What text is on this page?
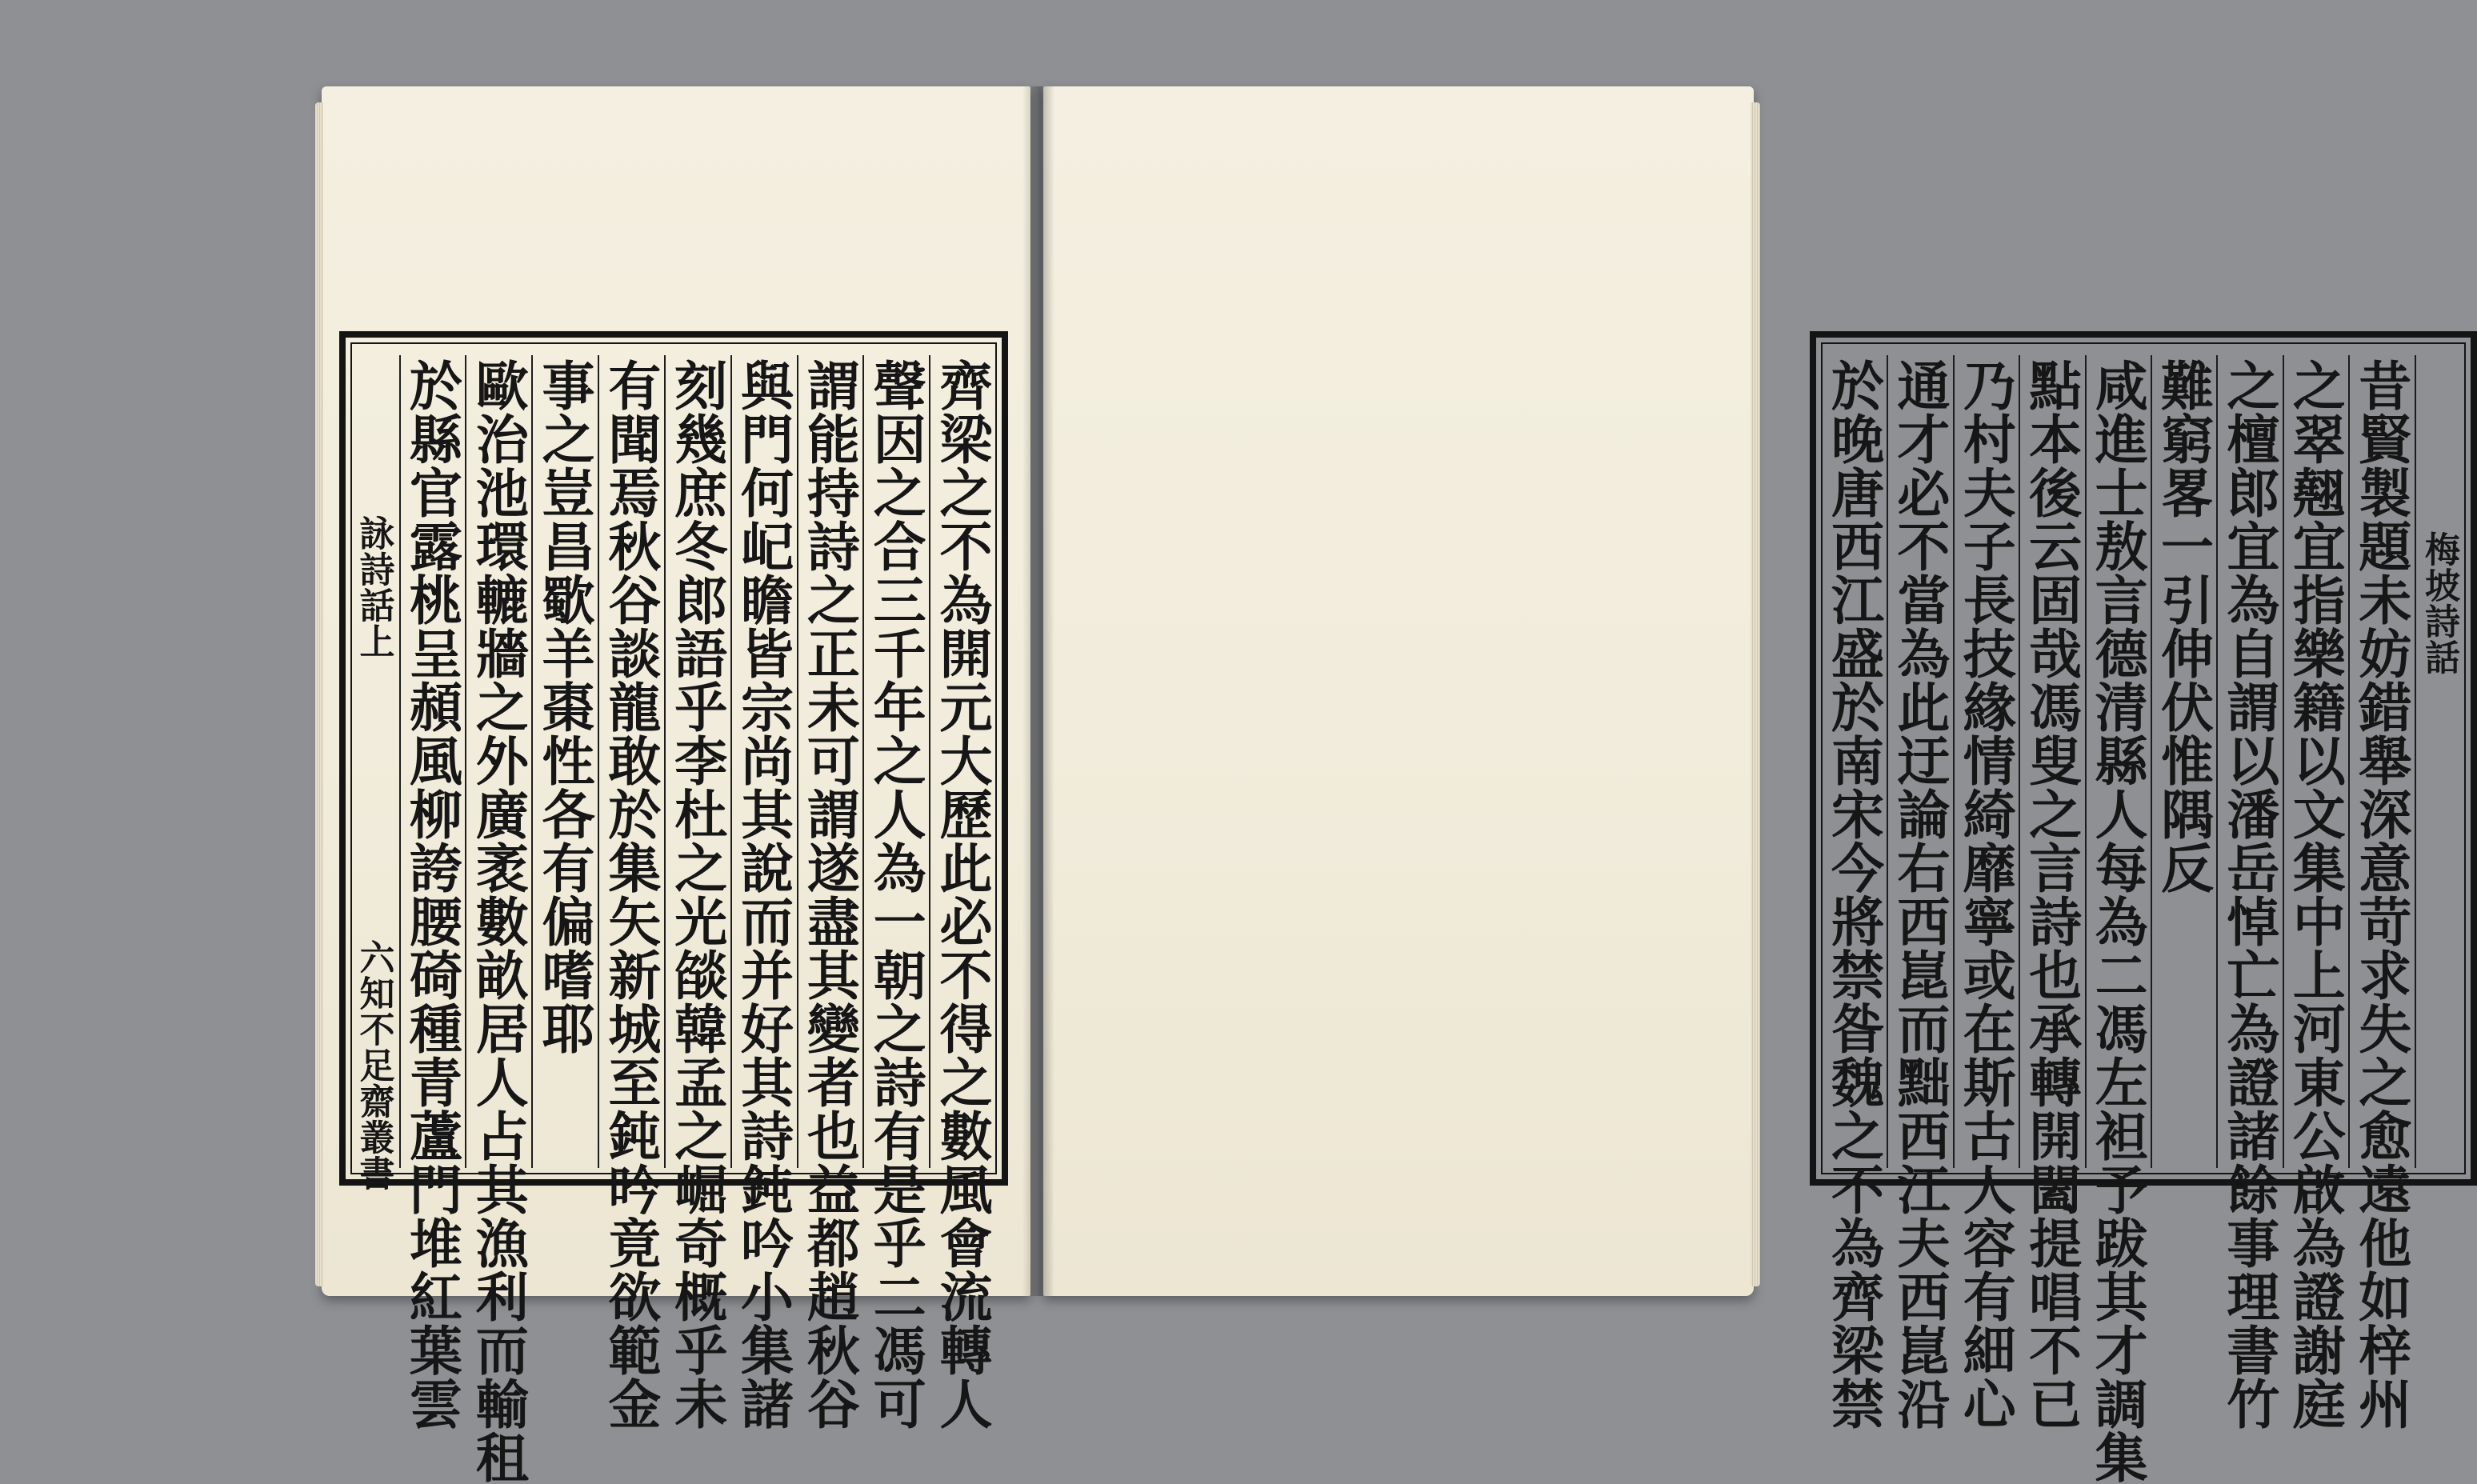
齊梁之不為開元大歷此必不得之數風會流轉人
聲因之合三千年之人為一朝之詩有是乎二馮可
謂能持詩之正未可謂遂盡其變者也益都趙秋谷
與門何屺瞻皆宗尚其說而并好其詩鈍吟小集諸
刻幾庶冬郎語乎李杜之光燄韓孟之崛奇概乎未
有聞焉秋谷談龍敢於集矢新城至鈍吟竟欲範金
事之豈昌歜羊棗性各有偏嗜耶
歐治池環轆牆之外廣袤數畝居人占其漁利而輸租
於縣官露桃呈頳風柳誇腰碕種青蘆門堆紅葉雲
詠詩話上
六知不足齋叢書
梅坡詩話
昔賢製題未妨錯舉深意苛求失之愈遠他如梓州
之翠翹宜指樂籍以文集中上河東公啟為證謝庭
之檀郎宜為自謂以潘岳悼亡為證諸餘事理書竹
難窮畧一引伸伏惟隅反
咸進士敖言德清縣人每為二馮左袒予跋其才調集
點本後云固哉馮叟之言詩也承轉開闔提唱不已
乃村夫子長技緣情綺靡寧或在斯古人容有細心
通才必不當為此迂論右西崑而黜西江夫西崑沿
於晚唐西江盛於南宋今將禁昝魏之不為齊梁禁
